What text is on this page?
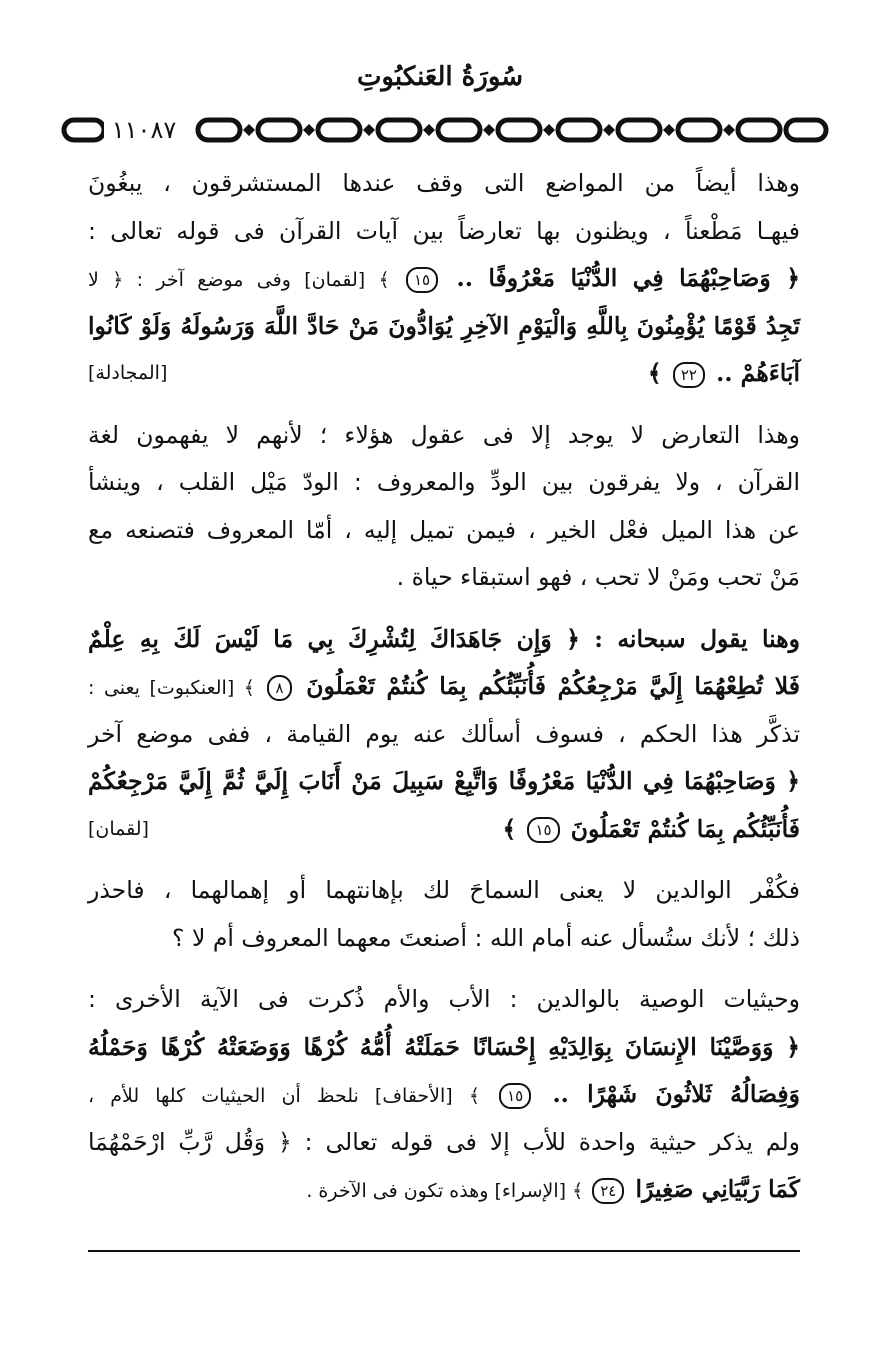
سُورَةُ العَنكبُوتِ
١١٠٨٧
وهذا أيضاً من المواضع التى وقف عندها المستشرقون ، يبغُونَ
فيهـا مَطْعناً ، ويظنون بها تعارضاً بين آيات القرآن فى قوله تعالى :
﴿ وَصَاحِبْهُمَا فِي الدُّنْيَا مَعْرُوفًا .. ١٥ ﴾ [لقمان] وفى موضع آخر : ﴿ لا
تَجِدُ قَوْمًا يُؤْمِنُونَ بِاللَّهِ وَالْيَوْمِ الآخِرِ يُوَادُّونَ مَنْ حَادَّ اللَّهَ وَرَسُولَهُ وَلَوْ كَانُوا
آبَاءَهُمْ .. ٢٢ ﴾
[المجادلة]
وهذا التعارض لا يوجد إلا فى عقول هؤلاء ؛ لأنهم لا يفهمون لغة
القرآن ، ولا يفرقون بين الودِّ والمعروف : الودّ مَيْل القلب ، وينشأ
عن هذا الميل فعْل الخير ، فيمن تميل إليه ، أمّا المعروف فتصنعه مع
مَنْ تحب ومَنْ لا تحب ، فهو استبقاء حياة .
وهنا يقول سبحانه : ﴿ وَإِن جَاهَدَاكَ لِتُشْرِكَ بِي مَا لَيْسَ لَكَ بِهِ عِلْمٌ
فَلا تُطِعْهُمَا إِلَيَّ مَرْجِعُكُمْ فَأُنَبِّئُكُم بِمَا كُنتُمْ تَعْمَلُونَ ٨ ﴾ [العنكبوت] يعنى :
تذكَّر هذا الحكم ، فسوف أسألك عنه يوم القيامة ، ففى موضع آخر
﴿ وَصَاحِبْهُمَا فِي الدُّنْيَا مَعْرُوفًا وَاتَّبِعْ سَبِيلَ مَنْ أَنَابَ إِلَيَّ ثُمَّ إِلَيَّ مَرْجِعُكُمْ
فَأُنَبِّئُكُم بِمَا كُنتُمْ تَعْمَلُونَ ١٥ ﴾
[لقمان]
فكُفْر الوالدين لا يعنى السماحَ لك بإهانتهما أو إهمالهما ، فاحذر
ذلك ؛ لأنك ستُسأل عنه أمام الله : أصنعتَ معهما المعروف أم لا ؟
وحيثيات الوصية بالوالدين : الأب والأم ذُكرت فى الآية الأخرى :
﴿ وَوَصَّيْنَا الإِنسَانَ بِوَالِدَيْهِ إِحْسَانًا حَمَلَتْهُ أُمُّهُ كُرْهًا وَوَضَعَتْهُ كُرْهًا وَحَمْلُهُ
وَفِصَالُهُ ثَلاثُونَ شَهْرًا .. ١٥ ﴾ [الأحقاف] نلحظ أن الحيثيات كلها للأم ،
ولم يذكر حيثية واحدة للأب إلا فى قوله تعالى : ﴿ وَقُل رَّبِّ ارْحَمْهُمَا
كَمَا رَبَّيَانِي صَغِيرًا ٢٤ ﴾ [الإسراء] وهذه تكون فى الآخرة .
